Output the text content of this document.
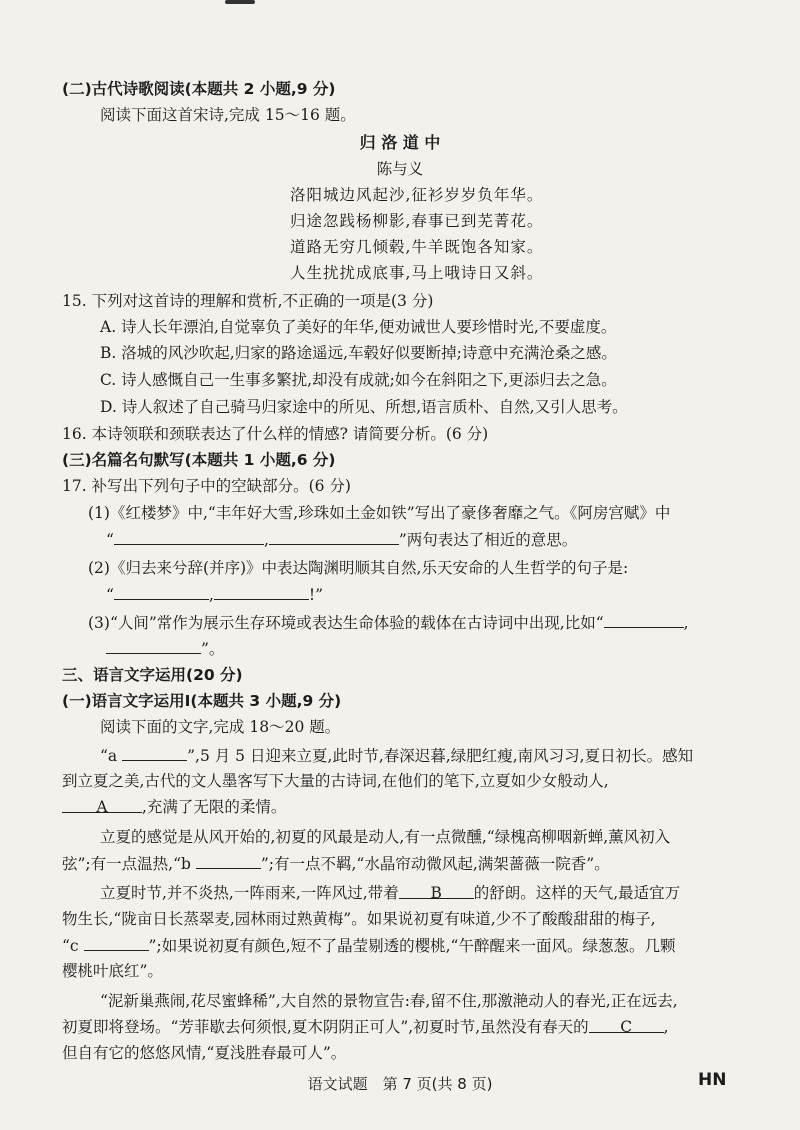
(二)古代诗歌阅读(本题共 2 小题,9 分)
阅读下面这首宋诗,完成 15～16 题。
归 洛 道 中
陈与义
洛阳城边风起沙,征衫岁岁负年华。
归途忽践杨柳影,春事已到芜菁花。
道路无穷几倾毂,牛羊既饱各知家。
人生扰扰成底事,马上哦诗日又斜。
15. 下列对这首诗的理解和赏析,不正确的一项是(3 分)
A. 诗人长年漂泊,自觉辜负了美好的年华,便劝诫世人要珍惜时光,不要虚度。
B. 洛城的风沙吹起,归家的路途遥远,车毂好似要断掉;诗意中充满沧桑之感。
C. 诗人感慨自己一生事多繁扰,却没有成就;如今在斜阳之下,更添归去之急。
D. 诗人叙述了自己骑马归家途中的所见、所想,语言质朴、自然,又引人思考。
16. 本诗领联和颈联表达了什么样的情感? 请简要分析。(6 分)
(三)名篇名句默写(本题共 1 小题,6 分)
17. 补写出下列句子中的空缺部分。(6 分)
(1)《红楼梦》中,“丰年好大雪,珍珠如土金如铁”写出了豪侈奢靡之气。《阿房宫赋》中
“	,	”两句表达了相近的意思。
(2)《归去来兮辞(并序)》中表达陶渊明顺其自然,乐天安命的人生哲学的句子是:
“	,	!”
(3)“人间”常作为展示生存环境或表达生命体验的载体在古诗词中出现,比如“	,
”。
三、语言文字运用(20 分)
(一)语言文字运用Ⅰ(本题共 3 小题,9 分)
阅读下面的文字,完成 18～20 题。
“a	”,5 月 5 日迎来立夏,此时节,春深迟暮,绿肥红瘦,南风习习,夏日初长。感知
到立夏之美,古代的文人墨客写下大量的古诗词,在他们的笔下,立夏如少女般动人,
A ,充满了无限的柔情。
立夏的感觉是从风开始的,初夏的风最是动人,有一点微醺,“绿槐高柳咽新蝉,薰风初入
弦”;有一点温热,“b	”;有一点不羁,“水晶帘动微风起,满架蔷薇一院香”。
立夏时节,并不炎热,一阵雨来,一阵风过,带着 B 的舒朗。这样的天气,最适宜万
物生长,“陇亩日长蒸翠麦,园林雨过熟黄梅”。如果说初夏有味道,少不了酸酸甜甜的梅子,
“c	”;如果说初夏有颜色,短不了晶莹剔透的樱桃,“午醉醒来一面风。绿葱葱。几颗
樱桃叶底红”。
“泥新巢燕闹,花尽蜜蜂稀”,大自然的景物宣告:春,留不住,那激滟动人的春光,正在远去,
初夏即将登场。“芳菲歇去何须恨,夏木阴阴正可人”,初夏时节,虽然没有春天的 C ,
但自有它的悠悠风情,“夏浅胜春最可人”。
语文试题　第 7 页(共 8 页)	HN
